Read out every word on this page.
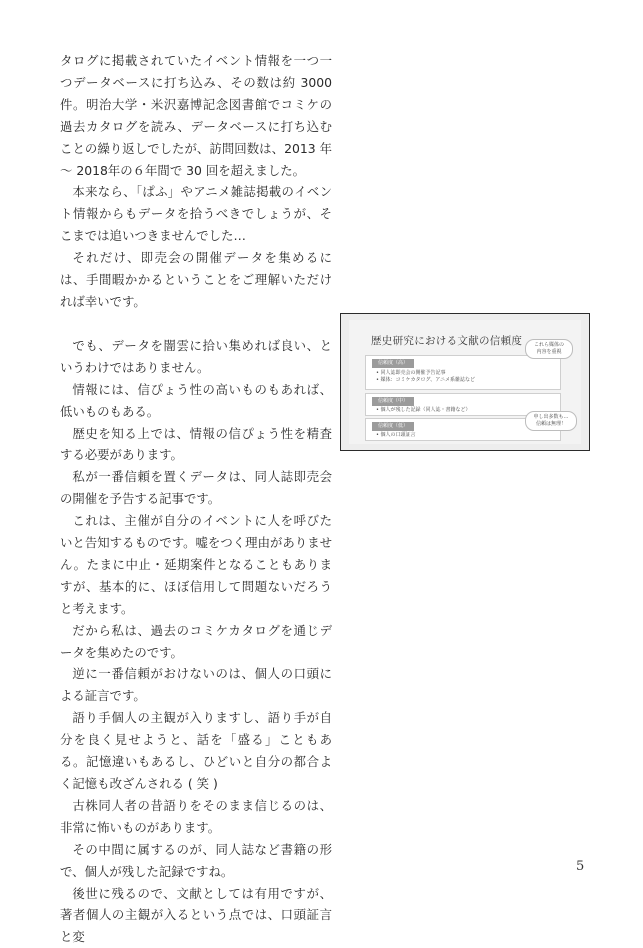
タログに掲載されていたイベント情報を一つ一つデータベースに打ち込み、その数は約 3000 件。明治大学・米沢嘉博記念図書館でコミケの過去カタログを読み、データベースに打ち込むことの繰り返しでしたが、訪問回数は、2013 年～ 2018年の６年間で 30 回を超えました。
本来なら、「ぱふ」やアニメ雑誌掲載のイベント情報からもデータを拾うべきでしょうが、そこまでは追いつきませんでした…
それだけ、即売会の開催データを集めるには、手間暇かかるということをご理解いただければ幸いです。
でも、データを闇雲に拾い集めれば良い、というわけではありません。
情報には、信ぴょう性の高いものもあれば、低いものもある。
歴史を知る上では、情報の信ぴょう性を精査する必要があります。
私が一番信頼を置くデータは、同人誌即売会の開催を予告する記事です。
これは、主催が自分のイベントに人を呼びたいと告知するものです。嘘をつく理由がありません。たまに中止・延期案件となることもありますが、基本的に、ほぼ信用して問題ないだろうと考えます。
だから私は、過去のコミケカタログを通じデータを集めたのです。
逆に一番信頼がおけないのは、個人の口頭による証言です。
語り手個人の主観が入りますし、語り手が自分を良く見せようと、話を「盛る」こともある。記憶違いもあるし、ひどいと自分の都合よく記憶も改ざんされる ( 笑 )
古株同人者の昔語りをそのまま信じるのは、非常に怖いものがあります。
その中間に属するのが、同人誌など書籍の形で、個人が残した記録ですね。
後世に残るので、文献としては有用ですが、著者個人の主観が入るという点では、口頭証言と変
歴史研究における文献の信頼度
信頼度（高）
• 同人誌即売会の開催予告記事
• 媒体：コミケカタログ、アニメ系雑誌など
信頼度（中）
• 個人が残した記録（同人誌・書籍など）
信頼度（低）
• 個人の口頭証言
これら媒体の
内容を重視
申し出多数も…
信頼は無理！
5
